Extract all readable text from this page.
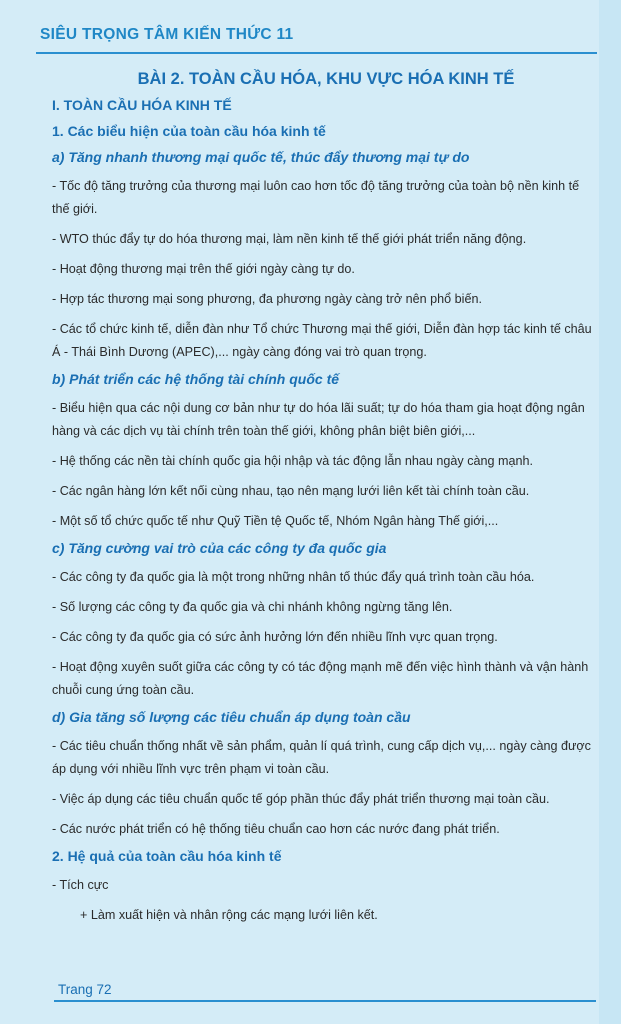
SIÊU TRỌNG TÂM KIẾN THỨC 11
BÀI 2. TOÀN CẦU HÓA, KHU VỰC HÓA KINH TẾ
I. TOÀN CẦU HÓA KINH TẾ
1. Các biểu hiện của toàn cầu hóa kinh tế
a) Tăng nhanh thương mại quốc tế, thúc đẩy thương mại tự do

- Tốc độ tăng trưởng của thương mại luôn cao hơn tốc độ tăng trưởng của toàn bộ nền kinh tế thế giới.

- WTO thúc đẩy tự do hóa thương mại, làm nền kinh tế thế giới phát triển năng động.

- Hoạt động thương mại trên thế giới ngày càng tự do.

- Hợp tác thương mại song phương, đa phương ngày càng trở nên phổ biến.

- Các tổ chức kinh tế, diễn đàn như Tổ chức Thương mại thế giới, Diễn đàn hợp tác kinh tế châu Á - Thái Bình Dương (APEC),... ngày càng đóng vai trò quan trọng.

b) Phát triển các hệ thống tài chính quốc tế

- Biểu hiện qua các nội dung cơ bản như tự do hóa lãi suất; tự do hóa tham gia hoạt động ngân hàng và các dịch vụ tài chính trên toàn thế giới, không phân biệt biên giới,...

- Hệ thống các nền tài chính quốc gia hội nhập và tác động lẫn nhau ngày càng mạnh.

- Các ngân hàng lớn kết nối cùng nhau, tạo nên mạng lưới liên kết tài chính toàn cầu.

- Một số tổ chức quốc tế như Quỹ Tiền tệ Quốc tế, Nhóm Ngân hàng Thế giới,...

c) Tăng cường vai trò của các công ty đa quốc gia

- Các công ty đa quốc gia là một trong những nhân tố thúc đẩy quá trình toàn cầu hóa.

- Số lượng các công ty đa quốc gia và chi nhánh không ngừng tăng lên.

- Các công ty đa quốc gia có sức ảnh hưởng lớn đến nhiều lĩnh vực quan trọng.

- Hoạt động xuyên suốt giữa các công ty có tác động mạnh mẽ đến việc hình thành và vận hành chuỗi cung ứng toàn cầu.

d) Gia tăng số lượng các tiêu chuẩn áp dụng toàn cầu

- Các tiêu chuẩn thống nhất về sản phẩm, quản lí quá trình, cung cấp dịch vụ,... ngày càng được áp dụng với nhiều lĩnh vực trên phạm vi toàn cầu.

- Việc áp dụng các tiêu chuẩn quốc tế góp phần thúc đẩy phát triển thương mại toàn cầu.

- Các nước phát triển có hệ thống tiêu chuẩn cao hơn các nước đang phát triển.

2. Hệ quả của toàn cầu hóa kinh tế

- Tích cực

+ Làm xuất hiện và nhân rộng các mạng lưới liên kết.

Trang 72
